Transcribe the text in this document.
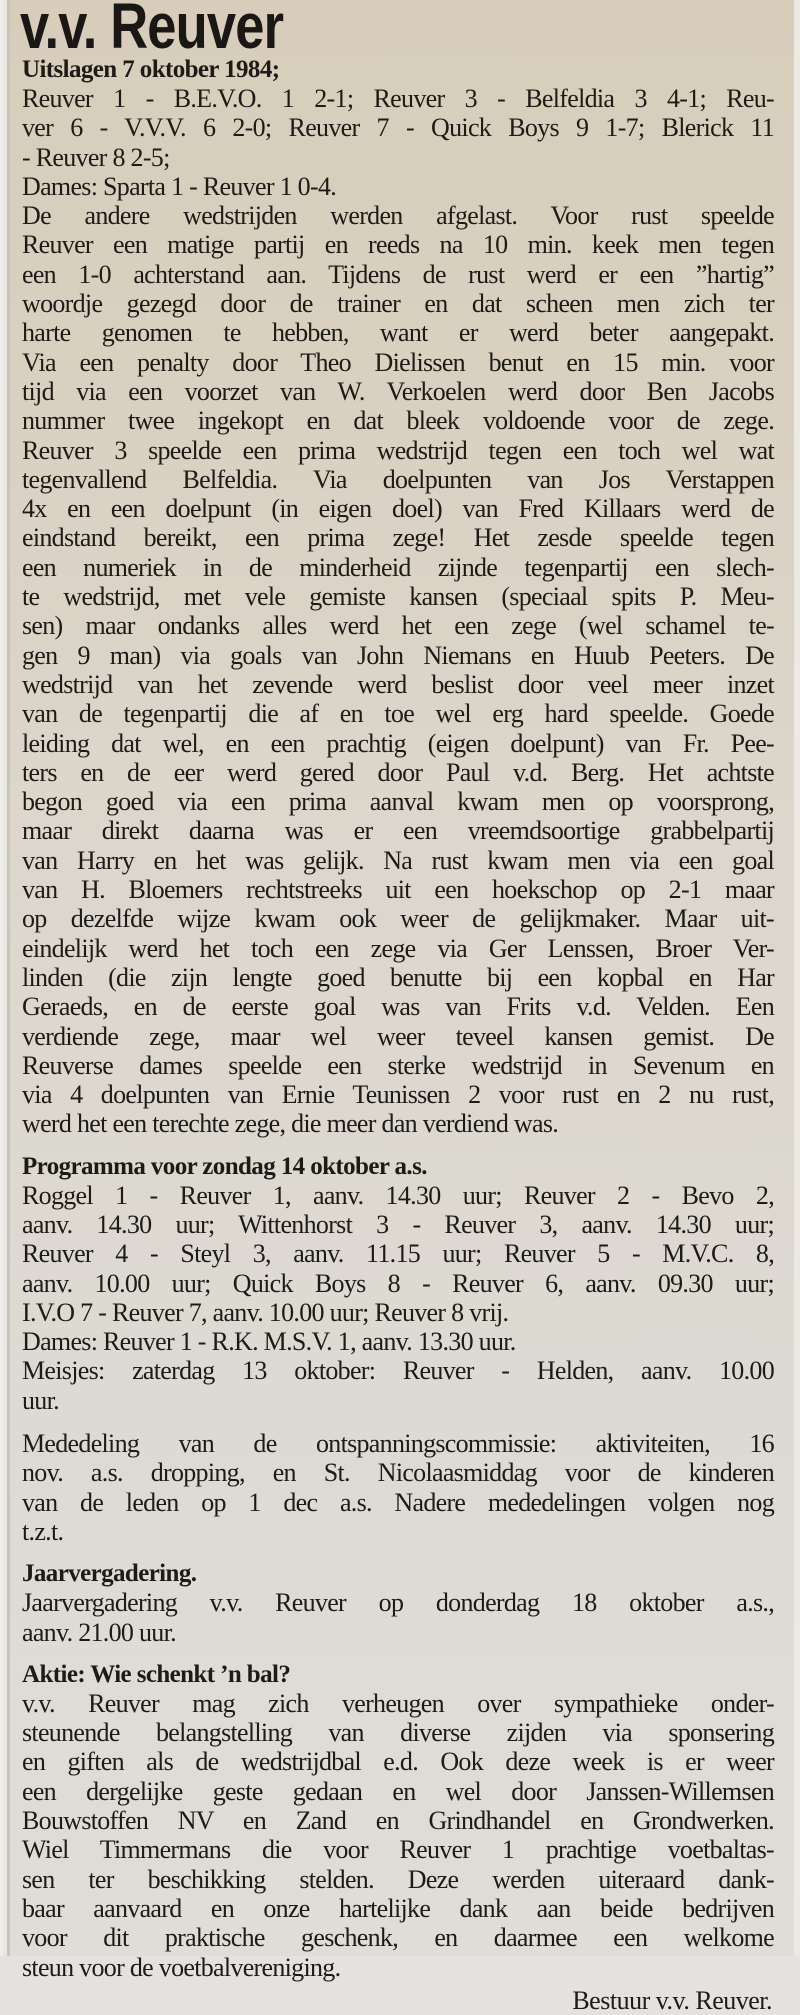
v.v. Reuver

Uitslagen 7 oktober 1984;

Reuver 1 - B.E.V.O. 1 2-1; Reuver 3 - Belfeldia 3 4-1; Reu-
ver 6 - V.V.V. 6 2-0; Reuver 7 - Quick Boys 9 1-7; Blerick 11
- Reuver 8 2-5;
Dames: Sparta 1 - Reuver 1 0-4.

De andere wedstrijden werden afgelast. Voor rust speelde
Reuver een matige partij en reeds na 10 min. keek men tegen
een 1-0 achterstand aan. Tijdens de rust werd er een ”hartig”
woordje gezegd door de trainer en dat scheen men zich ter
harte genomen te hebben, want er werd beter aangepakt.
Via een penalty door Theo Dielissen benut en 15 min. voor
tijd via een voorzet van W. Verkoelen werd door Ben Jacobs
nummer twee ingekopt en dat bleek voldoende voor de zege.
Reuver 3 speelde een prima wedstrijd tegen een toch wel wat
tegenvallend Belfeldia. Via doelpunten van Jos Verstappen
4x en een doelpunt (in eigen doel) van Fred Killaars werd de
eindstand bereikt, een prima zege! Het zesde speelde tegen
een numeriek in de minderheid zijnde tegenpartij een slech-
te wedstrijd, met vele gemiste kansen (speciaal spits P. Meu-
sen) maar ondanks alles werd het een zege (wel schamel te-
gen 9 man) via goals van John Niemans en Huub Peeters. De
wedstrijd van het zevende werd beslist door veel meer inzet
van de tegenpartij die af en toe wel erg hard speelde. Goede
leiding dat wel, en een prachtig (eigen doelpunt) van Fr. Pee-
ters en de eer werd gered door Paul v.d. Berg. Het achtste
begon goed via een prima aanval kwam men op voorsprong,
maar direkt daarna was er een vreemdsoortige grabbelpartij
van Harry en het was gelijk. Na rust kwam men via een goal
van H. Bloemers rechtstreeks uit een hoekschop op 2-1 maar
op dezelfde wijze kwam ook weer de gelijkmaker. Maar uit-
eindelijk werd het toch een zege via Ger Lenssen, Broer Ver-
linden (die zijn lengte goed benutte bij een kopbal en Har
Geraeds, en de eerste goal was van Frits v.d. Velden. Een
verdiende zege, maar wel weer teveel kansen gemist. De
Reuverse dames speelde een sterke wedstrijd in Sevenum en
via 4 doelpunten van Ernie Teunissen 2 voor rust en 2 nu rust,
werd het een terechte zege, die meer dan verdiend was.

Programma voor zondag 14 oktober a.s.

Roggel 1 - Reuver 1, aanv. 14.30 uur; Reuver 2 - Bevo 2,
aanv. 14.30 uur; Wittenhorst 3 - Reuver 3, aanv. 14.30 uur;
Reuver 4 - Steyl 3, aanv. 11.15 uur; Reuver 5 - M.V.C. 8,
aanv. 10.00 uur; Quick Boys 8 - Reuver 6, aanv. 09.30 uur;
I.V.O 7 - Reuver 7, aanv. 10.00 uur; Reuver 8 vrij.
Dames: Reuver 1 - R.K. M.S.V. 1, aanv. 13.30 uur.
Meisjes: zaterdag 13 oktober: Reuver - Helden, aanv. 10.00
uur.

Mededeling van de ontspanningscommissie: aktiviteiten, 16
nov. a.s. dropping, en St. Nicolaasmiddag voor de kinderen
van de leden op 1 dec a.s. Nadere mededelingen volgen nog
t.z.t.

Jaarvergadering.

Jaarvergadering v.v. Reuver op donderdag 18 oktober a.s.,
aanv. 21.00 uur.

Aktie: Wie schenkt ’n bal?

v.v. Reuver mag zich verheugen over sympathieke onder-
steunende belangstelling van diverse zijden via sponsering
en giften als de wedstrijdbal e.d. Ook deze week is er weer
een dergelijke geste gedaan en wel door Janssen-Willemsen
Bouwstoffen NV en Zand en Grindhandel en Grondwerken.
Wiel Timmermans die voor Reuver 1 prachtige voetbaltas-
sen ter beschikking stelden. Deze werden uiteraard dank-
baar aanvaard en onze hartelijke dank aan beide bedrijven
voor dit praktische geschenk, en daarmee een welkome
steun voor de voetbalvereniging.

Bestuur v.v. Reuver.
